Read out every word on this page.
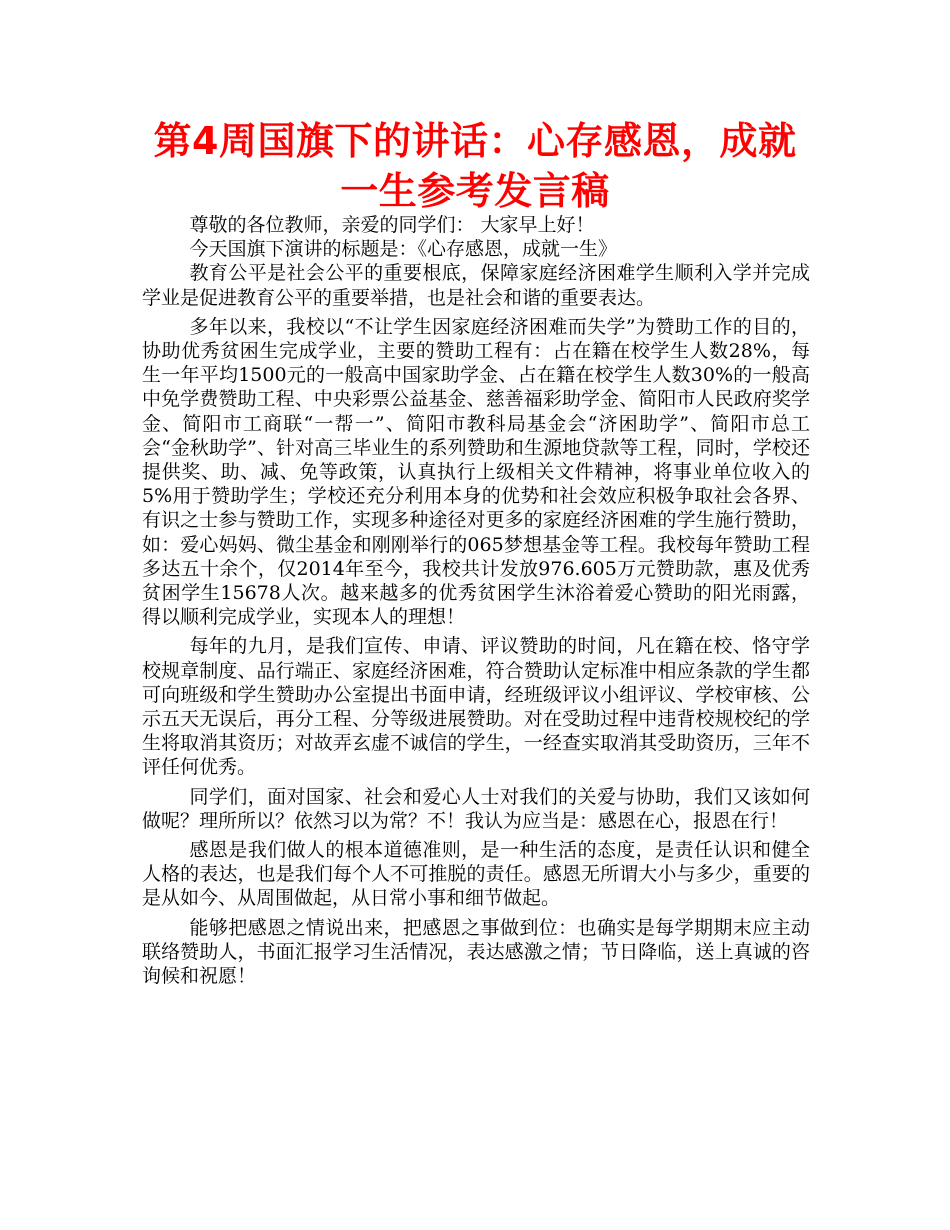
第4周国旗下的讲话：心存感恩，成就一生参考发言稿

尊敬的各位教师，亲爱的同学们： 大家早上好！

今天国旗下演讲的标题是：《心存感恩，成就一生》

教育公平是社会公平的重要根底，保障家庭经济困难学生顺利入学并完成学业是促进教育公平的重要举措，也是社会和谐的重要表达。

多年以来，我校以“不让学生因家庭经济困难而失学”为赞助工作的目的，协助优秀贫困生完成学业，主要的赞助工程有：占在籍在校学生人数28%，每生一年平均1500元的一般高中国家助学金、占在籍在校学生人数30%的一般高中免学费赞助工程、中央彩票公益基金、慈善福彩助学金、简阳市人民政府奖学金、简阳市工商联“一帮一”、简阳市教科局基金会“济困助学”、简阳市总工会“金秋助学”、针对高三毕业生的系列赞助和生源地贷款等工程，同时，学校还提供奖、助、减、免等政策，认真执行上级相关文件精神，将事业单位收入的5%用于赞助学生；学校还充分利用本身的优势和社会效应积极争取社会各界、有识之士参与赞助工作，实现多种途径对更多的家庭经济困难的学生施行赞助，如：爱心妈妈、微尘基金和刚刚举行的065梦想基金等工程。我校每年赞助工程多达五十余个，仅2014年至今，我校共计发放976.605万元赞助款，惠及优秀贫困学生15678人次。越来越多的优秀贫困学生沐浴着爱心赞助的阳光雨露，得以顺利完成学业，实现本人的理想！

每年的九月，是我们宣传、申请、评议赞助的时间，凡在籍在校、恪守学校规章制度、品行端正、家庭经济困难，符合赞助认定标准中相应条款的学生都可向班级和学生赞助办公室提出书面申请，经班级评议小组评议、学校审核、公示五天无误后，再分工程、分等级进展赞助。对在受助过程中违背校规校纪的学生将取消其资历；对故弄玄虚不诚信的学生，一经查实取消其受助资历，三年不评任何优秀。

同学们，面对国家、社会和爱心人士对我们的关爱与协助，我们又该如何做呢？理所所以？依然习以为常？不！我认为应当是：感恩在心，报恩在行！

感恩是我们做人的根本道德准则，是一种生活的态度，是责任认识和健全人格的表达，也是我们每个人不可推脱的责任。感恩无所谓大小与多少，重要的是从如今、从周围做起，从日常小事和细节做起。

能够把感恩之情说出来，把感恩之事做到位：也确实是每学期期末应主动联络赞助人，书面汇报学习生活情况，表达感激之情；节日降临，送上真诚的咨询候和祝愿！
